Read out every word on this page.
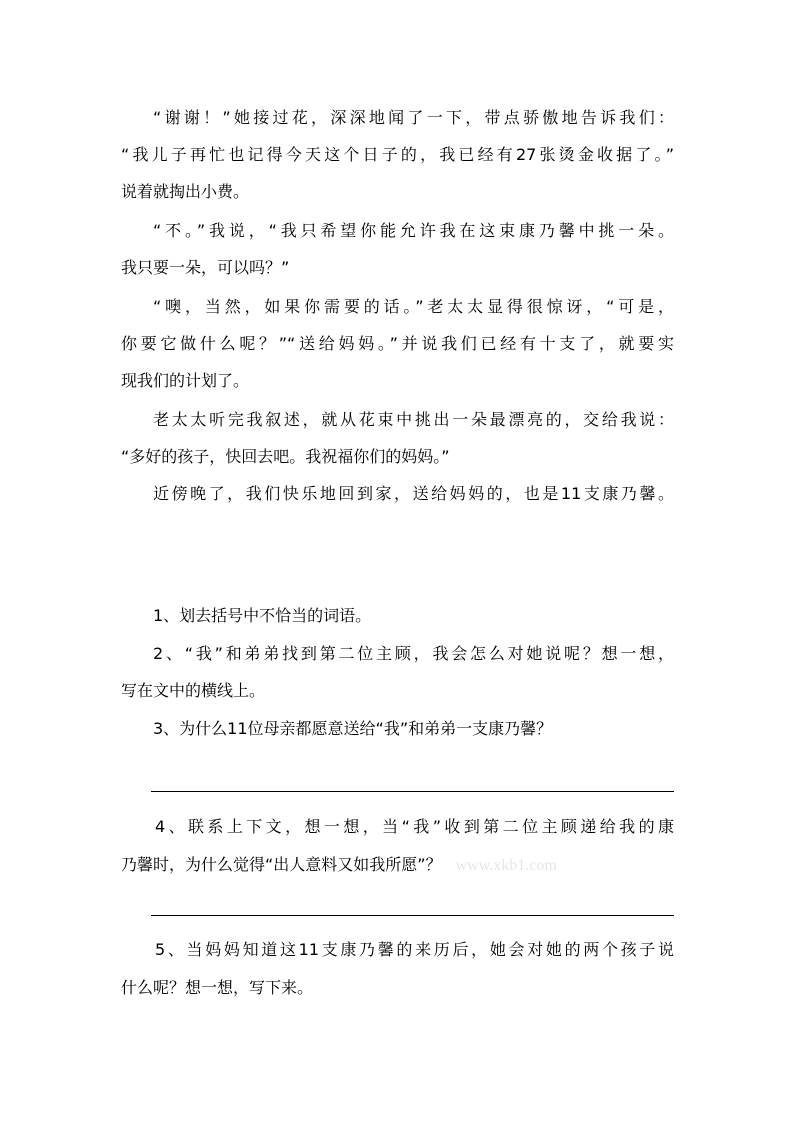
“谢谢！”她接过花，深深地闻了一下，带点骄傲地告诉我们：
“我儿子再忙也记得今天这个日子的，我已经有27张烫金收据了。”
说着就掏出小费。
“不。”我说，“我只希望你能允许我在这束康乃馨中挑一朵。
我只要一朵，可以吗？”
“噢，当然，如果你需要的话。”老太太显得很惊讶，“可是，
你要它做什么呢？”“送给妈妈。”并说我们已经有十支了，就要实
现我们的计划了。
老太太听完我叙述，就从花束中挑出一朵最漂亮的，交给我说：
“多好的孩子，快回去吧。我祝福你们的妈妈。”
近傍晚了，我们快乐地回到家，送给妈妈的，也是11支康乃馨。
1、划去括号中不恰当的词语。
2、“我”和弟弟找到第二位主顾，我会怎么对她说呢？想一想，
写在文中的横线上。
3、为什么11位母亲都愿意送给“我”和弟弟一支康乃馨？
4、联系上下文，想一想，当“我”收到第二位主顾递给我的康
乃馨时，为什么觉得“出人意料又如我所愿”？ www.xkb1.com
5、当妈妈知道这11支康乃馨的来历后，她会对她的两个孩子说
什么呢？想一想，写下来。
